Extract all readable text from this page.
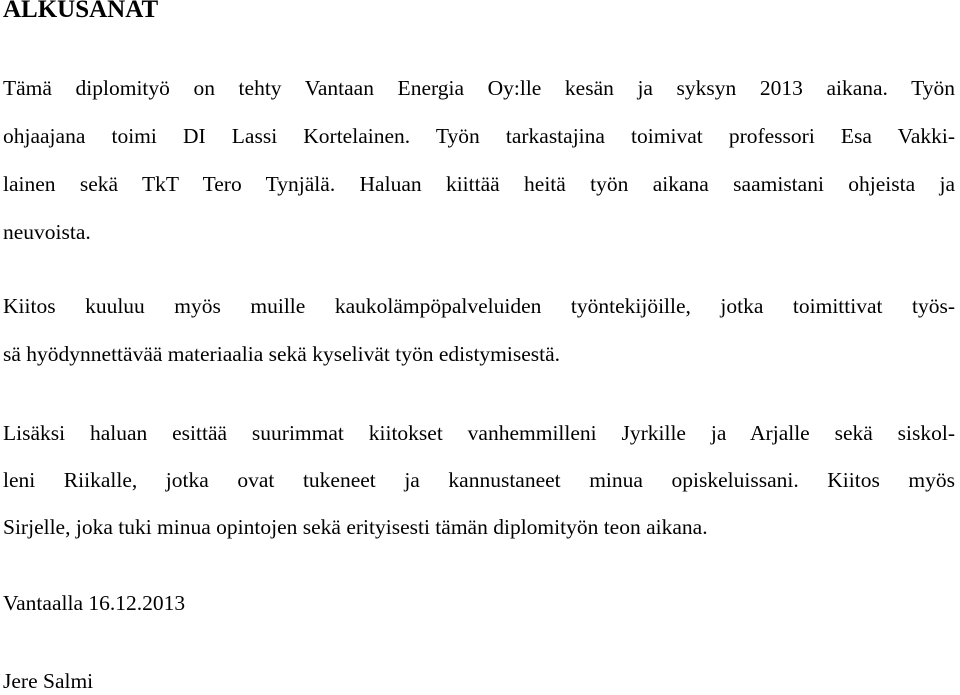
ALKUSANAT
Tämä diplomityö on tehty Vantaan Energia Oy:lle kesän ja syksyn 2013 aikana. Työn
ohjaajana toimi DI Lassi Kortelainen. Työn tarkastajina toimivat professori Esa Vakki-
lainen sekä TkT Tero Tynjälä. Haluan kiittää heitä työn aikana saamistani ohjeista ja
neuvoista.
Kiitos kuuluu myös muille kaukolämpöpalveluiden työntekijöille, jotka toimittivat työs-
sä hyödynnettävää materiaalia sekä kyselivät työn edistymisestä.
Lisäksi haluan esittää suurimmat kiitokset vanhemmilleni Jyrkille ja Arjalle sekä siskol-
leni Riikalle, jotka ovat tukeneet ja kannustaneet minua opiskeluissani. Kiitos myös
Sirjelle, joka tuki minua opintojen sekä erityisesti tämän diplomityön teon aikana.
Vantaalla 16.12.2013
Jere Salmi
